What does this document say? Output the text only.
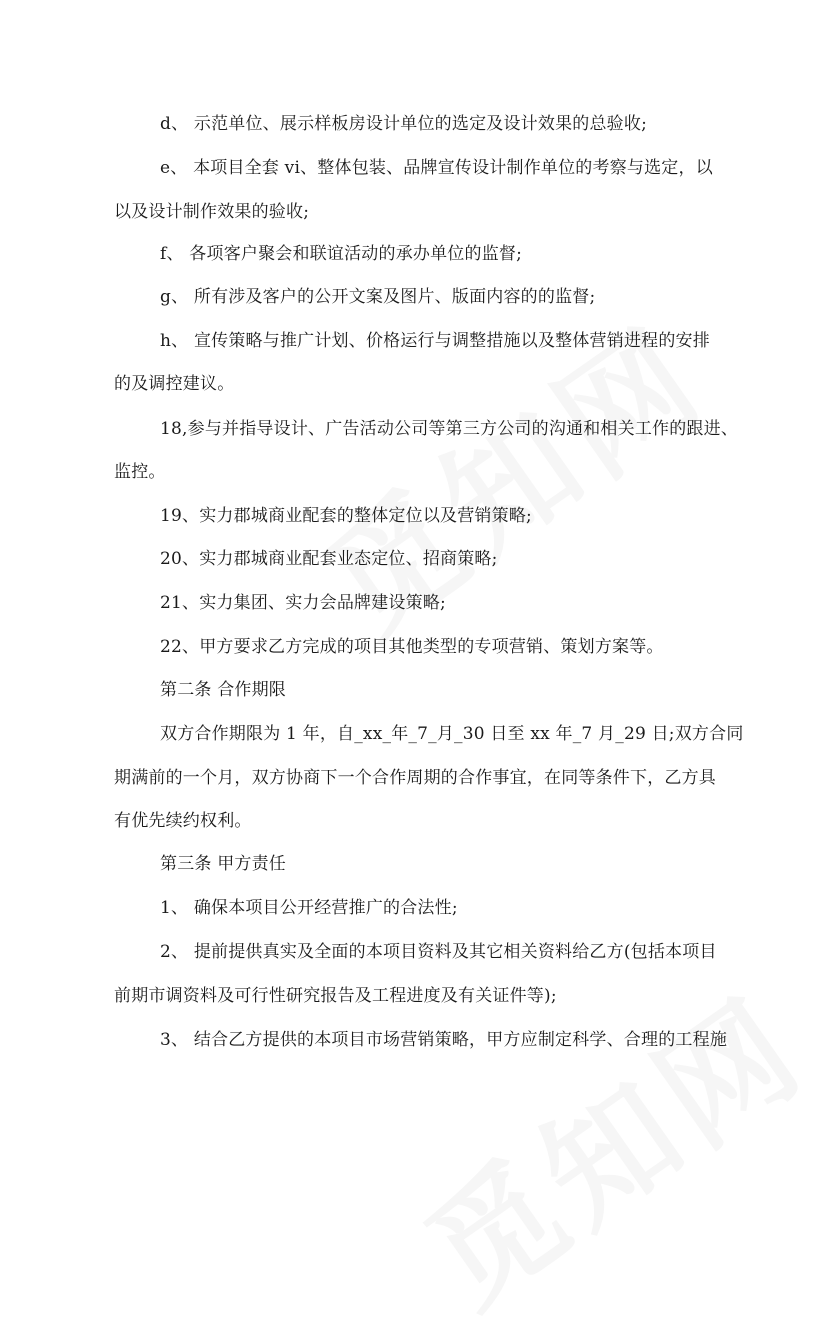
d、 示范单位、展示样板房设计单位的选定及设计效果的总验收;
e、 本项目全套 vi、整体包装、品牌宣传设计制作单位的考察与选定，以
以及设计制作效果的验收;
f、 各项客户聚会和联谊活动的承办单位的监督;
g、 所有涉及客户的公开文案及图片、版面内容的的监督;
h、 宣传策略与推广计划、价格运行与调整措施以及整体营销进程的安排
的及调控建议。
18,参与并指导设计、广告活动公司等第三方公司的沟通和相关工作的跟进、
监控。
19、实力郡城商业配套的整体定位以及营销策略;
20、实力郡城商业配套业态定位、招商策略;
21、实力集团、实力会品牌建设策略;
22、甲方要求乙方完成的项目其他类型的专项营销、策划方案等。
第二条 合作期限
双方合作期限为 1 年，自_xx_年_7_月_30 日至 xx 年_7 月_29 日;双方合同
期满前的一个月，双方协商下一个合作周期的合作事宜，在同等条件下，乙方具
有优先续约权利。
第三条 甲方责任
1、 确保本项目公开经营推广的合法性;
2、 提前提供真实及全面的本项目资料及其它相关资料给乙方(包括本项目
前期市调资料及可行性研究报告及工程进度及有关证件等);
3、 结合乙方提供的本项目市场营销策略，甲方应制定科学、合理的工程施
